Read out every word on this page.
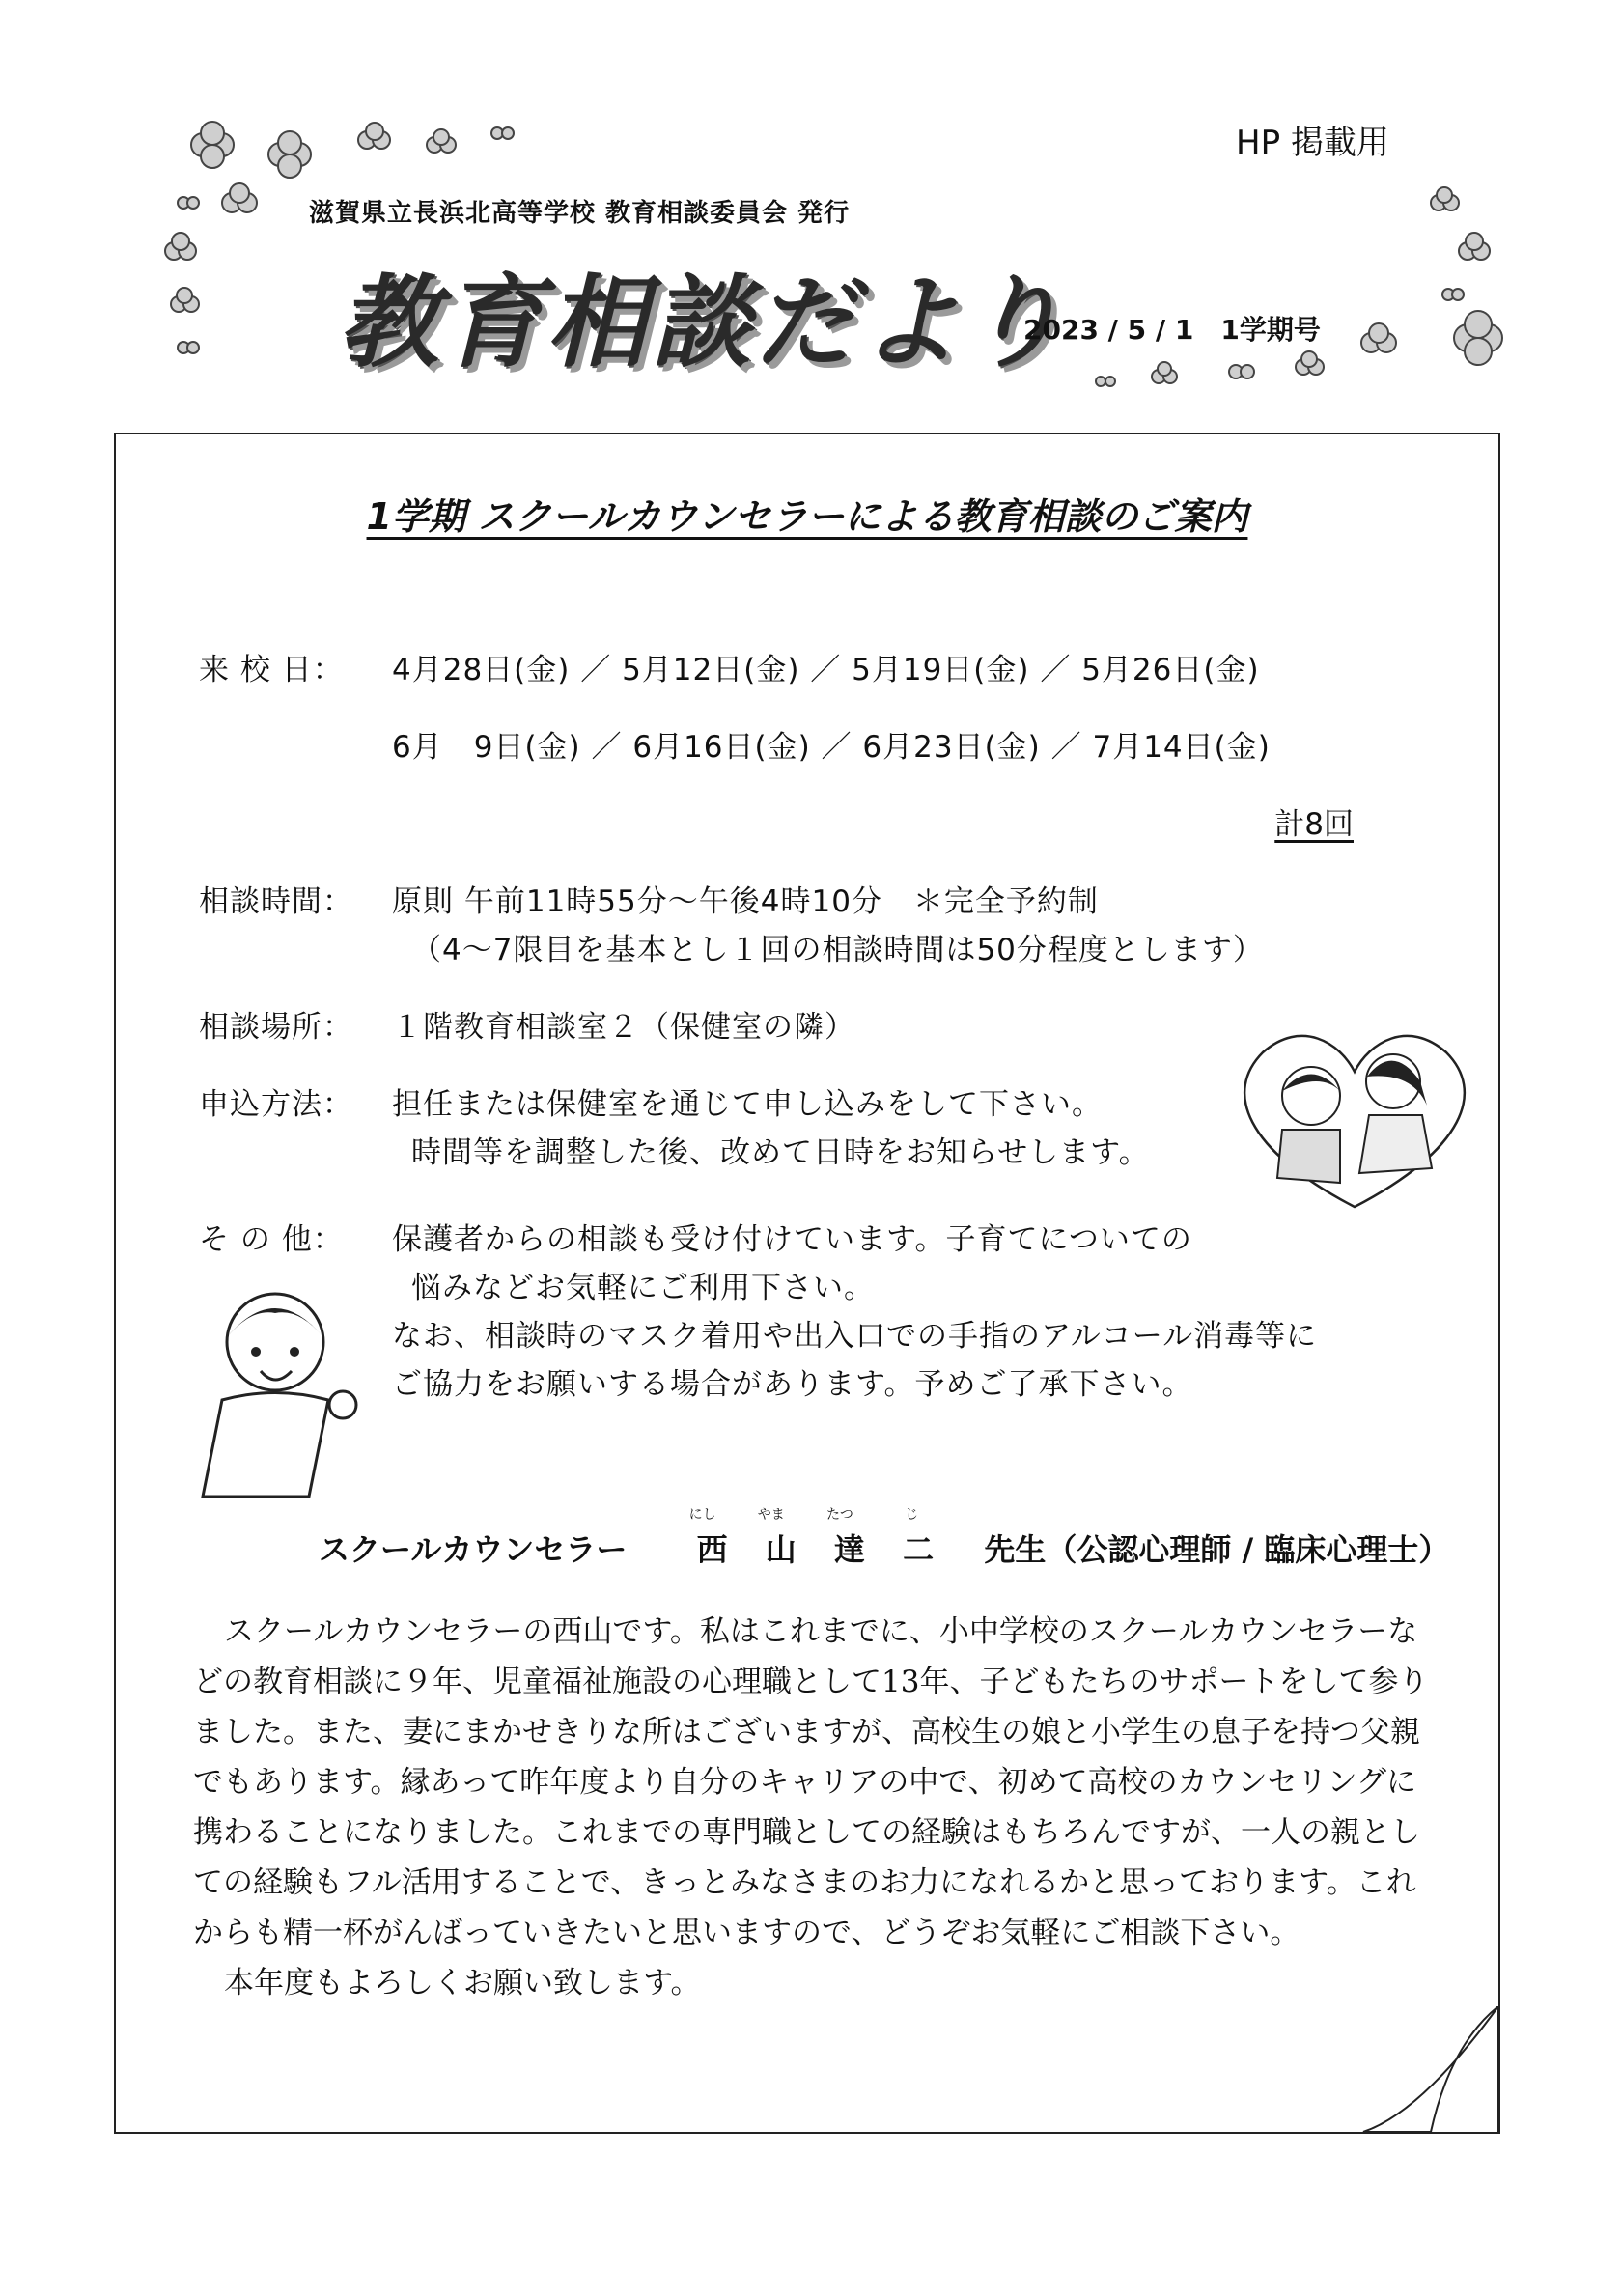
HP 掲載用
滋賀県立長浜北高等学校 教育相談委員会 発行
教育相談だより
2023 / 5 / 1　1学期号
1学期 スクールカウンセラーによる教育相談のご案内
来 校 日： 4月28日(金) ／ 5月12日(金) ／ 5月19日(金) ／ 5月26日(金)
6月　9日(金) ／ 6月16日(金) ／ 6月23日(金) ／ 7月14日(金)
計8回
相談時間： 原則 午前11時55分～午後4時10分　＊完全予約制
（4～7限目を基本とし１回の相談時間は50分程度とします）
相談場所： １階教育相談室２（保健室の隣）
申込方法： 担任または保健室を通じて申し込みをして下さい。
時間等を調整した後、改めて日時をお知らせします。
そ の 他： 保護者からの相談も受け付けています。子育てについての
悩みなどお気軽にご利用下さい。
なお、相談時のマスク着用や出入口での手指のアルコール消毒等に
ご協力をお願いする場合があります。予めご了承下さい。
スクールカウンセラー
にし
西
やま
山
たつ
達
じ
二 先生（公認心理師 / 臨床心理士）
スクールカウンセラーの西山です。私はこれまでに、小中学校のスクールカウンセラーなどの教育相談に９年、児童福祉施設の心理職として13年、子どもたちのサポートをして参りました。また、妻にまかせきりな所はございますが、高校生の娘と小学生の息子を持つ父親でもあります。縁あって昨年度より自分のキャリアの中で、初めて高校のカウンセリングに携わることになりました。これまでの専門職としての経験はもちろんですが、一人の親としての経験もフル活用することで、きっとみなさまのお力になれるかと思っております。これからも精一杯がんばっていきたいと思いますので、どうぞお気軽にご相談下さい。
本年度もよろしくお願い致します。
